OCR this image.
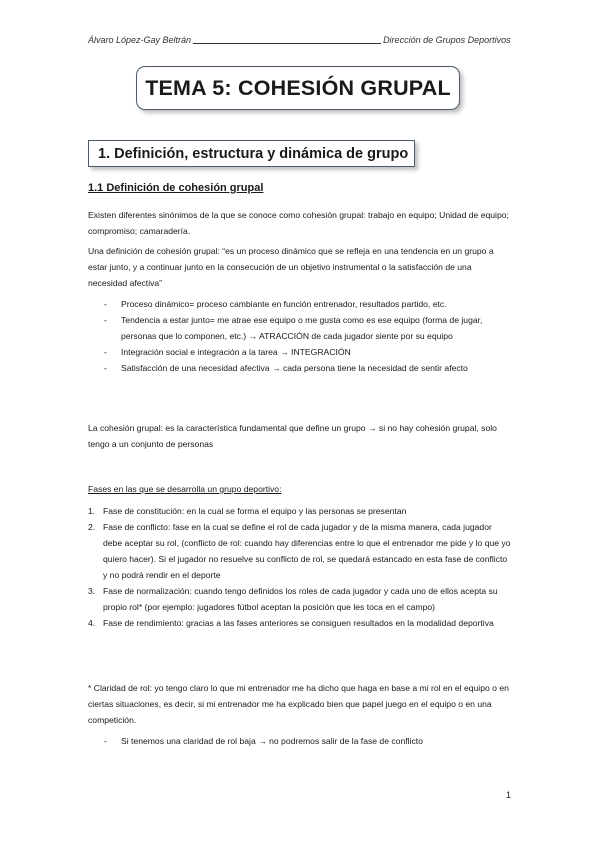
Álvaro López-Gay Beltrán	Dirección de Grupos Deportivos
TEMA 5: COHESIÓN GRUPAL
1. Definición, estructura y dinámica de grupo
1.1 Definición de cohesión grupal

Existen diferentes sinónimos de la que se conoce como cohesión grupal: trabajo en equipo; Unidad de equipo; compromiso; camaradería.

Una definición de cohesión grupal: “es un proceso dinámico que se refleja en una tendencia en un grupo a estar junto, y a continuar junto en la consecución de un objetivo instrumental o la satisfacción de una necesidad afectiva”

- Proceso dinámico= proceso cambiante en función entrenador, resultados partido, etc.
- Tendencia a estar junto= me atrae ese equipo o me gusta como es ese equipo (forma de jugar, personas que lo componen, etc.) → ATRACCIÓN de cada jugador siente por su equipo
- Integración social e integración a la tarea → INTEGRACIÓN
- Satisfacción de una necesidad afectiva → cada persona tiene la necesidad de sentir afecto

La cohesión grupal: es la característica fundamental que define un grupo → si no hay cohesión grupal, solo tengo a un conjunto de personas

Fases en las que se desarrolla un grupo deportivo:
1. Fase de constitución: en la cual se forma el equipo y las personas se presentan
2. Fase de conflicto: fase en la cual se define el rol de cada jugador y de la misma manera, cada jugador debe aceptar su rol, (conflicto de rol: cuando hay diferencias entre lo que el entrenador me pide y lo que yo quiero hacer). Si el jugador no resuelve su conflicto de rol, se quedará estancado en esta fase de conflicto y no podrá rendir en el deporte
3. Fase de normalización: cuando tengo definidos los roles de cada jugador y cada uno de ellos acepta su propio rol* (por ejemplo: jugadores fútbol aceptan la posición que les toca en el campo)
4. Fase de rendimiento: gracias a las fases anteriores se consiguen resultados en la modalidad deportiva

* Claridad de rol: yo tengo claro lo que mi entrenador me ha dicho que haga en base a mi rol en el equipo o en ciertas situaciones, es decir, si mi entrenador me ha explicado bien que papel juego en el equipo o en una competición.

- Si tenemos una claridad de rol baja → no podremos salir de la fase de conflicto
1
